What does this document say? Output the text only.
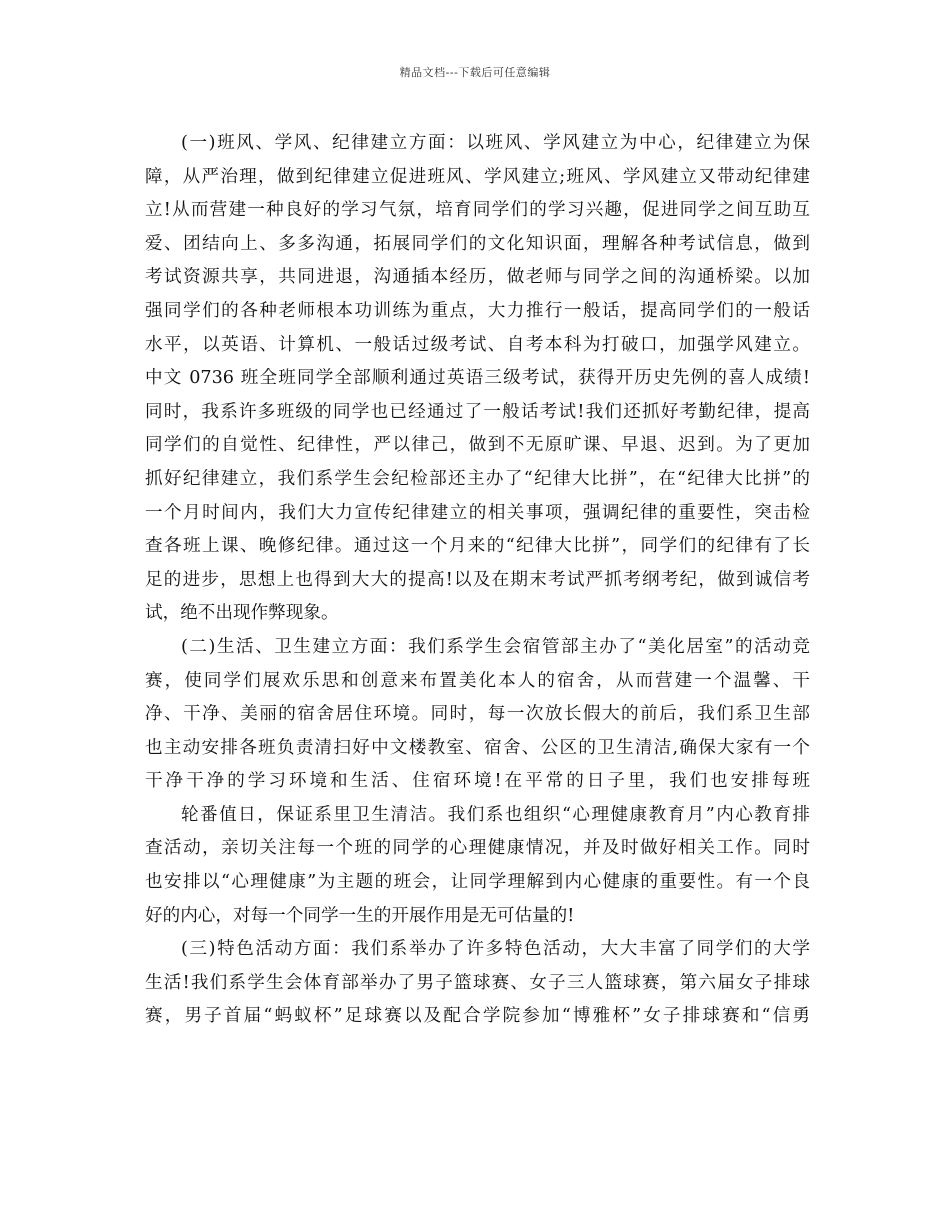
精品文档---下载后可任意编辑
(一)班风、学风、纪律建立方面：以班风、学风建立为中心，纪律建立为保
障，从严治理，做到纪律建立促进班风、学风建立;班风、学风建立又带动纪律建
立!从而营建一种良好的学习气氛，培育同学们的学习兴趣，促进同学之间互助互
爱、团结向上、多多沟通，拓展同学们的文化知识面，理解各种考试信息，做到
考试资源共享，共同进退，沟通插本经历，做老师与同学之间的沟通桥梁。以加
强同学们的各种老师根本功训练为重点，大力推行一般话，提高同学们的一般话
水平，以英语、计算机、一般话过级考试、自考本科为打破口，加强学风建立。
中文 0736 班全班同学全部顺利通过英语三级考试，获得开历史先例的喜人成绩!
同时，我系许多班级的同学也已经通过了一般话考试!我们还抓好考勤纪律，提高
同学们的自觉性、纪律性，严以律己，做到不无原旷课、早退、迟到。为了更加
抓好纪律建立，我们系学生会纪检部还主办了“纪律大比拼”，在“纪律大比拼”的
一个月时间内，我们大力宣传纪律建立的相关事项，强调纪律的重要性，突击检
查各班上课、晚修纪律。通过这一个月来的“纪律大比拼”，同学们的纪律有了长
足的进步，思想上也得到大大的提高!以及在期末考试严抓考纲考纪，做到诚信考
试，绝不出现作弊现象。
(二)生活、卫生建立方面：我们系学生会宿管部主办了“美化居室”的活动竞
赛，使同学们展欢乐思和创意来布置美化本人的宿舍，从而营建一个温馨、干
净、干净、美丽的宿舍居住环境。同时，每一次放长假大的前后，我们系卫生部
也主动安排各班负责清扫好中文楼教室、宿舍、公区的卫生清洁,确保大家有一个
干净干净的学习环境和生活、住宿环境!在平常的日子里，我们也安排每班
轮番值日，保证系里卫生清洁。我们系也组织“心理健康教育月”内心教育排
查活动，亲切关注每一个班的同学的心理健康情况，并及时做好相关工作。同时
也安排以“心理健康”为主题的班会，让同学理解到内心健康的重要性。有一个良
好的内心，对每一个同学一生的开展作用是无可估量的!
(三)特色活动方面：我们系举办了许多特色活动，大大丰富了同学们的大学
生活!我们系学生会体育部举办了男子篮球赛、女子三人篮球赛，第六届女子排球
赛，男子首届“蚂蚁杯”足球赛以及配合学院参加“博雅杯”女子排球赛和“信勇
